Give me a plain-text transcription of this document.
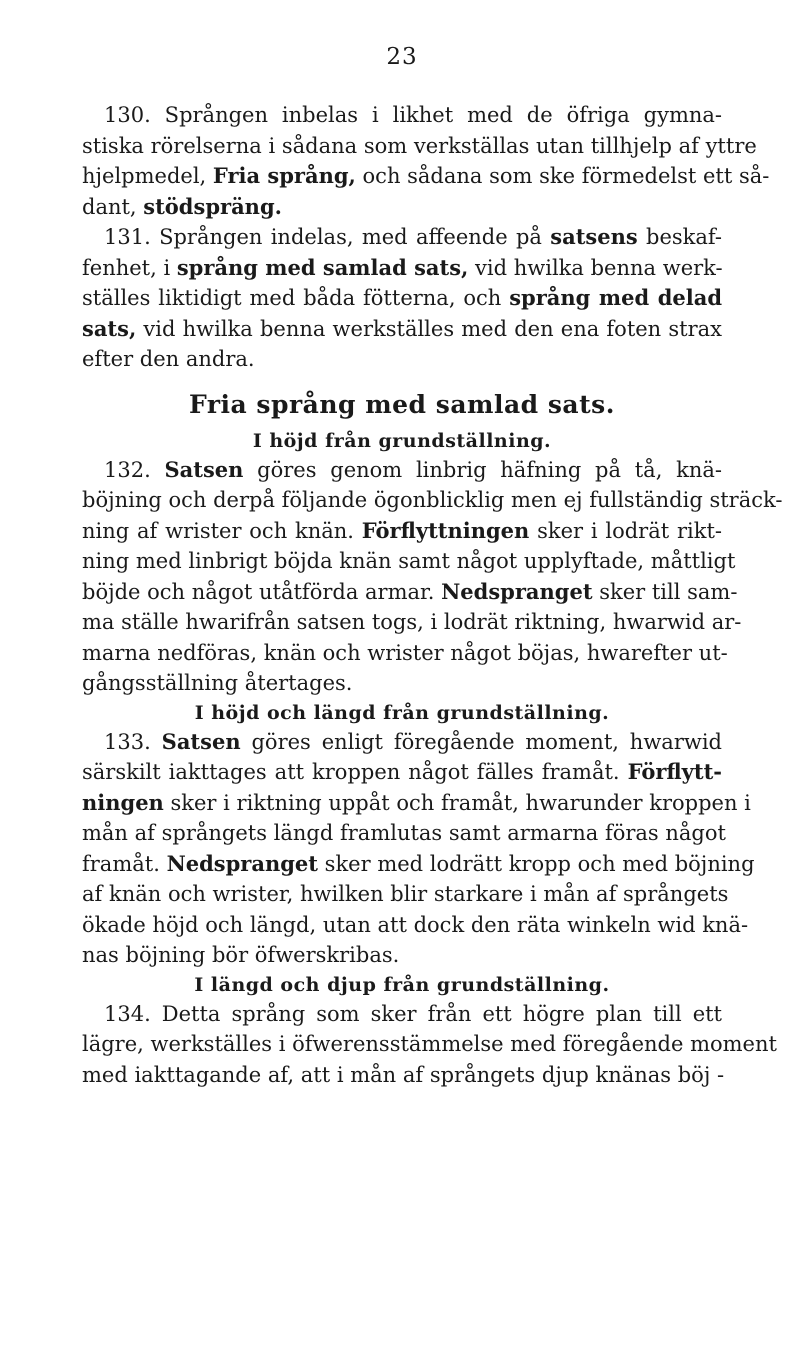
23
130. Sprången inbelas i likhet med de öfriga gymna-
stiska rörelserna i sådana som verkställas utan tillhjelp af yttre
hjelpmedel, Fria språng, och sådana som ske förmedelst ett så-
dant, stödspräng.
131. Sprången indelas, med affeende på satsens beskaf-
fenhet, i språng med samlad sats, vid hwilka benna werk-
ställes liktidigt med båda fötterna, och språng med delad
sats, vid hwilka benna werkställes med den ena foten strax
efter den andra.
Fria språng med samlad sats.
I höjd från grundställning.
132. Satsen göres genom linbrig häfning på tå, knä-
böjning och derpå följande ögonblicklig men ej fullständig sträck-
ning af wrister och knän. Förflyttningen sker i lodrät rikt-
ning med linbrigt böjda knän samt något upplyftade, måttligt
böjde och något utåtförda armar. Nedspranget sker till sam-
ma ställe hwarifrån satsen togs, i lodrät riktning, hwarwid ar-
marna nedföras, knän och wrister något böjas, hwarefter ut-
gångsställning återtages.
I höjd och längd från grundställning.
133. Satsen göres enligt föregående moment, hwarwid
särskilt iakttages att kroppen något fälles framåt. Förflytt-
ningen sker i riktning uppåt och framåt, hwarunder kroppen i
mån af språngets längd framlutas samt armarna föras något
framåt. Nedspranget sker med lodrätt kropp och med böjning
af knän och wrister, hwilken blir starkare i mån af språngets
ökade höjd och längd, utan att dock den räta winkeln wid knä-
nas böjning bör öfwerskribas.
I längd och djup från grundställning.
134. Detta språng som sker från ett högre plan till ett
lägre, werkställes i öfwerensstämmelse med föregående moment
med iakttagande af, att i mån af språngets djup knänas böj -
